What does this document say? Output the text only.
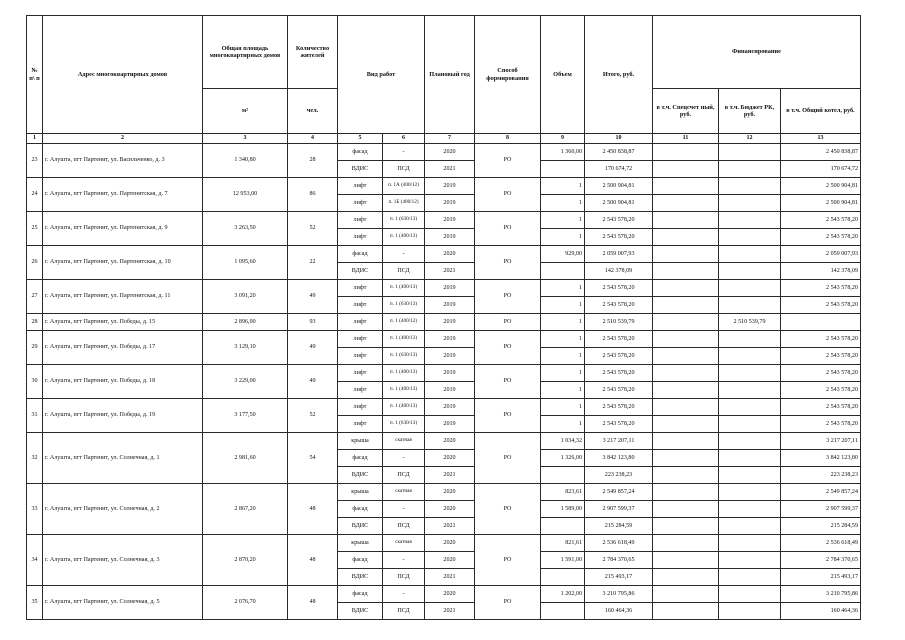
№ п\ п	Адрес многоквартирных домов	Общая площадь многоквартирных домов	Количество жителей	Вид работ		Плановый год	Способ формирования	Объем	Итого, руб.	Финансирование		
		м²	чел.							в т.ч. Спецсчет ный, руб.	в т.ч. Бюджет РК, руб.	в т.ч. Общий котел, руб.
1	2	3	4	5	6	7	8	9	10	11	12	13
23	г. Алушта, пгт Партенит, ул. Васильченко, д. 3	1 340,80	28	фасад	-	2020	РО	1 360,00	2 450 838,87			2 450 838,87
				ВДИС	ПСД	2021			170 674,72			170 674,72
24	г. Алушта, пгт Партенит, ул. Партенитская, д. 7	12 953,00	86	лифт	п. 1А (400/12)	2019	РО	1	2 500 904,81			2 500 904,81
				лифт	п. 1Б (400/12)	2019		1	2 500 904,81			2 500 904,81
25	г. Алушта, пгт Партенит, ул. Партенитская, д. 9	3 263,50	52	лифт	п. 1 (630/13)	2019	РО	1	2 543 578,20			2 543 578,20
				лифт	п. 1 (400/13)	2019		1	2 543 578,20			2 543 578,20
26	г. Алушта, пгт Партенит, ул. Партенитская, д. 10	1 095,60	22	фасад	-	2020	РО	929,00	2 059 007,93			2 059 007,93
				ВДИС	ПСД	2021			142 378,09			142 378,09
27	г. Алушта, пгт Партенит, ул. Партенитская, д. 11	3 091,20	49	лифт	п. 1 (400/13)	2019	РО	1	2 543 578,20			2 543 578,20
				лифт	п. 1 (630/13)	2019		1	2 543 578,20			2 543 578,20
28	г. Алушта, пгт Партенит, ул. Победы, д. 15	2 896,00	93	лифт	п. 1 (400/12)	2019	РО	1	2 510 539,79		2 510 539,79	
29	г. Алушта, пгт Партенит, ул. Победы, д. 17	3 129,10	49	лифт	п. 1 (400/13)	2019	РО	1	2 543 578,20			2 543 578,20
				лифт	п. 1 (630/13)	2019		1	2 543 578,20			2 543 578,20
30	г. Алушта, пгт Партенит, ул. Победы, д. 18	3 229,00	49	лифт	п. 1 (400/13)	2019	РО	1	2 543 578,20			2 543 578,20
				лифт	п. 1 (400/13)	2019		1	2 543 578,20			2 543 578,20
31	г. Алушта, пгт Партенит, ул. Победы, д. 19	3 177,50	52	лифт	п. 1 (400/13)	2019	РО	1	2 543 578,20			2 543 578,20
				лифт	п. 1 (630/13)	2019		1	2 543 578,20			2 543 578,20
32	г. Алушта, пгт Партенит, ул. Солнечная, д. 1	2 981,60	54	крыша	скатная	2020	РО	1 034,32	3 217 207,11			3 217 207,11
				фасад	-	2020		1 326,00	3 842 123,80			3 842 123,80
				ВДИС	ПСД	2021			223 238,23			223 238,23
33	г. Алушта, пгт Партенит, ул. Солнечная, д. 2	2 867,20	48	крыша	скатная	2020	РО	823,61	2 549 857,24			2 549 857,24
				фасад	-	2020		1 589,00	2 907 599,37			2 907 599,37
				ВДИС	ПСД	2021			215 284,59			215 284,59
34	г. Алушта, пгт Партенит, ул. Солнечная, д. 3	2 870,20	48	крыша	скатная	2020	РО	821,61	2 536 618,49			2 536 618,49
				фасад	-	2020		1 591,00	2 784 370,65			2 784 370,65
				ВДИС	ПСД	2021			215 493,17			215 493,17
35	г. Алушта, пгт Партенит, ул. Солнечная, д. 5	2 076,70	48	фасад	-	2020	РО	1 202,00	3 210 795,86			3 210 795,86
				ВДИС	ПСД	2021			160 464,36			160 464,36
